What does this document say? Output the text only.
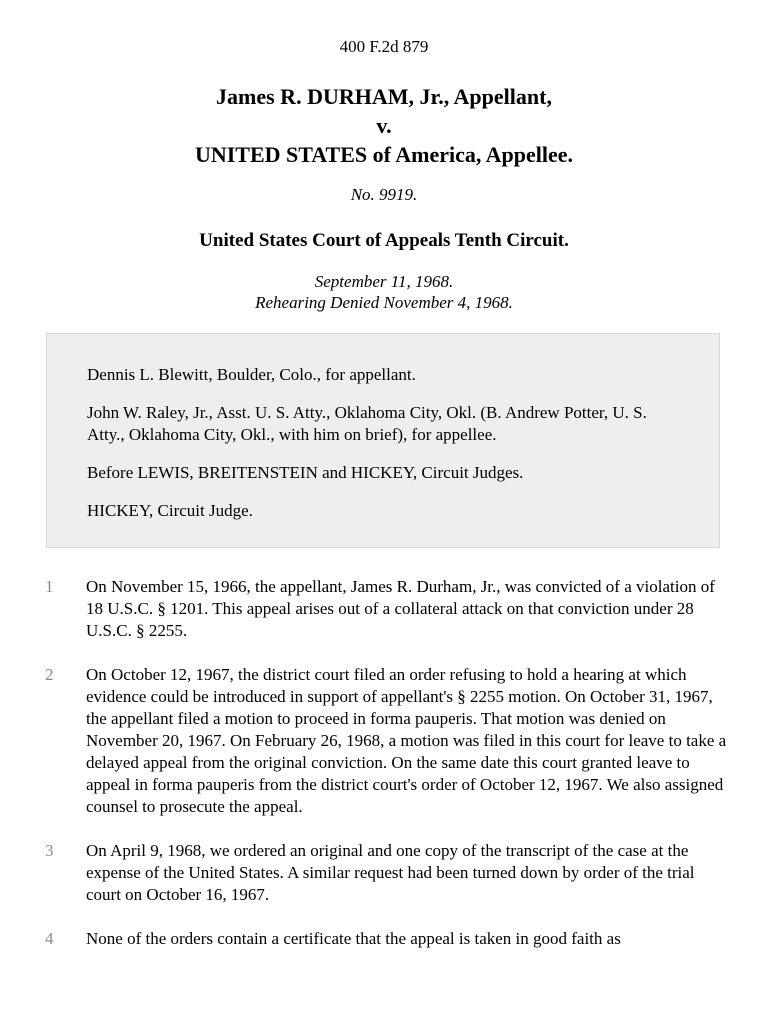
400 F.2d 879
James R. DURHAM, Jr., Appellant,
v.
UNITED STATES of America, Appellee.
No. 9919.
United States Court of Appeals Tenth Circuit.
September 11, 1968.
Rehearing Denied November 4, 1968.

Dennis L. Blewitt, Boulder, Colo., for appellant.

John W. Raley, Jr., Asst. U. S. Atty., Oklahoma City, Okl. (B. Andrew Potter, U. S. Atty., Oklahoma City, Okl., with him on brief), for appellee.

Before LEWIS, BREITENSTEIN and HICKEY, Circuit Judges.

HICKEY, Circuit Judge.

1 On November 15, 1966, the appellant, James R. Durham, Jr., was convicted of a violation of 18 U.S.C. § 1201. This appeal arises out of a collateral attack on that conviction under 28 U.S.C. § 2255.
2 On October 12, 1967, the district court filed an order refusing to hold a hearing at which evidence could be introduced in support of appellant's § 2255 motion. On October 31, 1967, the appellant filed a motion to proceed in forma pauperis. That motion was denied on November 20, 1967. On February 26, 1968, a motion was filed in this court for leave to take a delayed appeal from the original conviction. On the same date this court granted leave to appeal in forma pauperis from the district court's order of October 12, 1967. We also assigned counsel to prosecute the appeal.
3 On April 9, 1968, we ordered an original and one copy of the transcript of the case at the expense of the United States. A similar request had been turned down by order of the trial court on October 16, 1967.
4 None of the orders contain a certificate that the appeal is taken in good faith as
